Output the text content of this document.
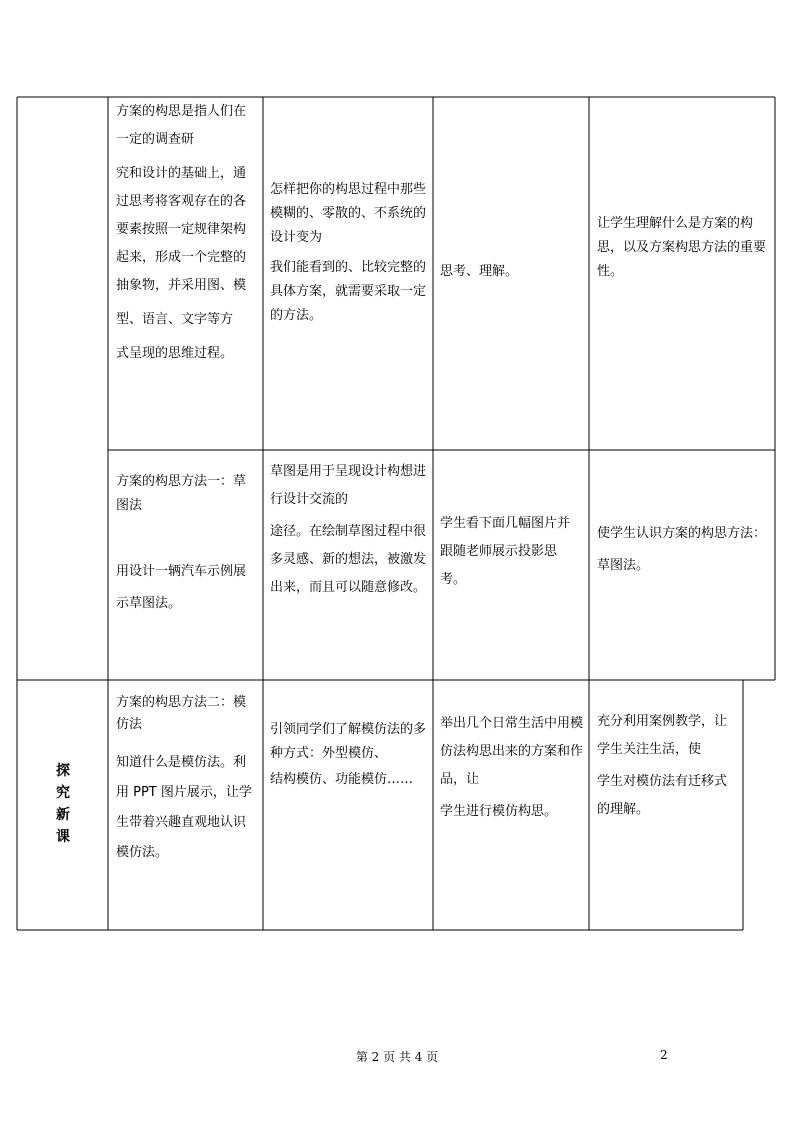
方案的构思是指人们在一定的调查研

究和设计的基础上，通过思考将客观存在的各要素按照一定规律架构起来，形成一个完整的抽象物，并采用图、模

型、语言、文字等方

式呈现的思维过程。

怎样把你的构思过程中那些模糊的、零散的、不系统的设计变为

我们能看到的、比较完整的具体方案，就需要采取一定的方法。

思考、理解。

让学生理解什么是方案的构思，以及方案构思方法的重要性。

方案的构思方法一：草图法

用设计一辆汽车示例展示草图法。

草图是用于呈现设计构想进行设计交流的

途径。在绘制草图过程中很多灵感、新的想法，被激发出来，而且可以随意修改。

学生看下面几幅图片并跟随老师展示投影思考。

使学生认识方案的构思方法：草图法。

探
究
新
课

方案的构思方法二：模仿法

知道什么是模仿法。利用 PPT 图片展示，让学生带着兴趣直观地认识模仿法。

引领同学们了解模仿法的多种方式：外型模仿、

结构模仿、功能模仿……

举出几个日常生活中用模仿法构思出来的方案和作品，让

学生进行模仿构思。

充分利用案例教学，让学生关注生活，使

学生对模仿法有迁移式的理解。

第 2 页 共 4 页	2
